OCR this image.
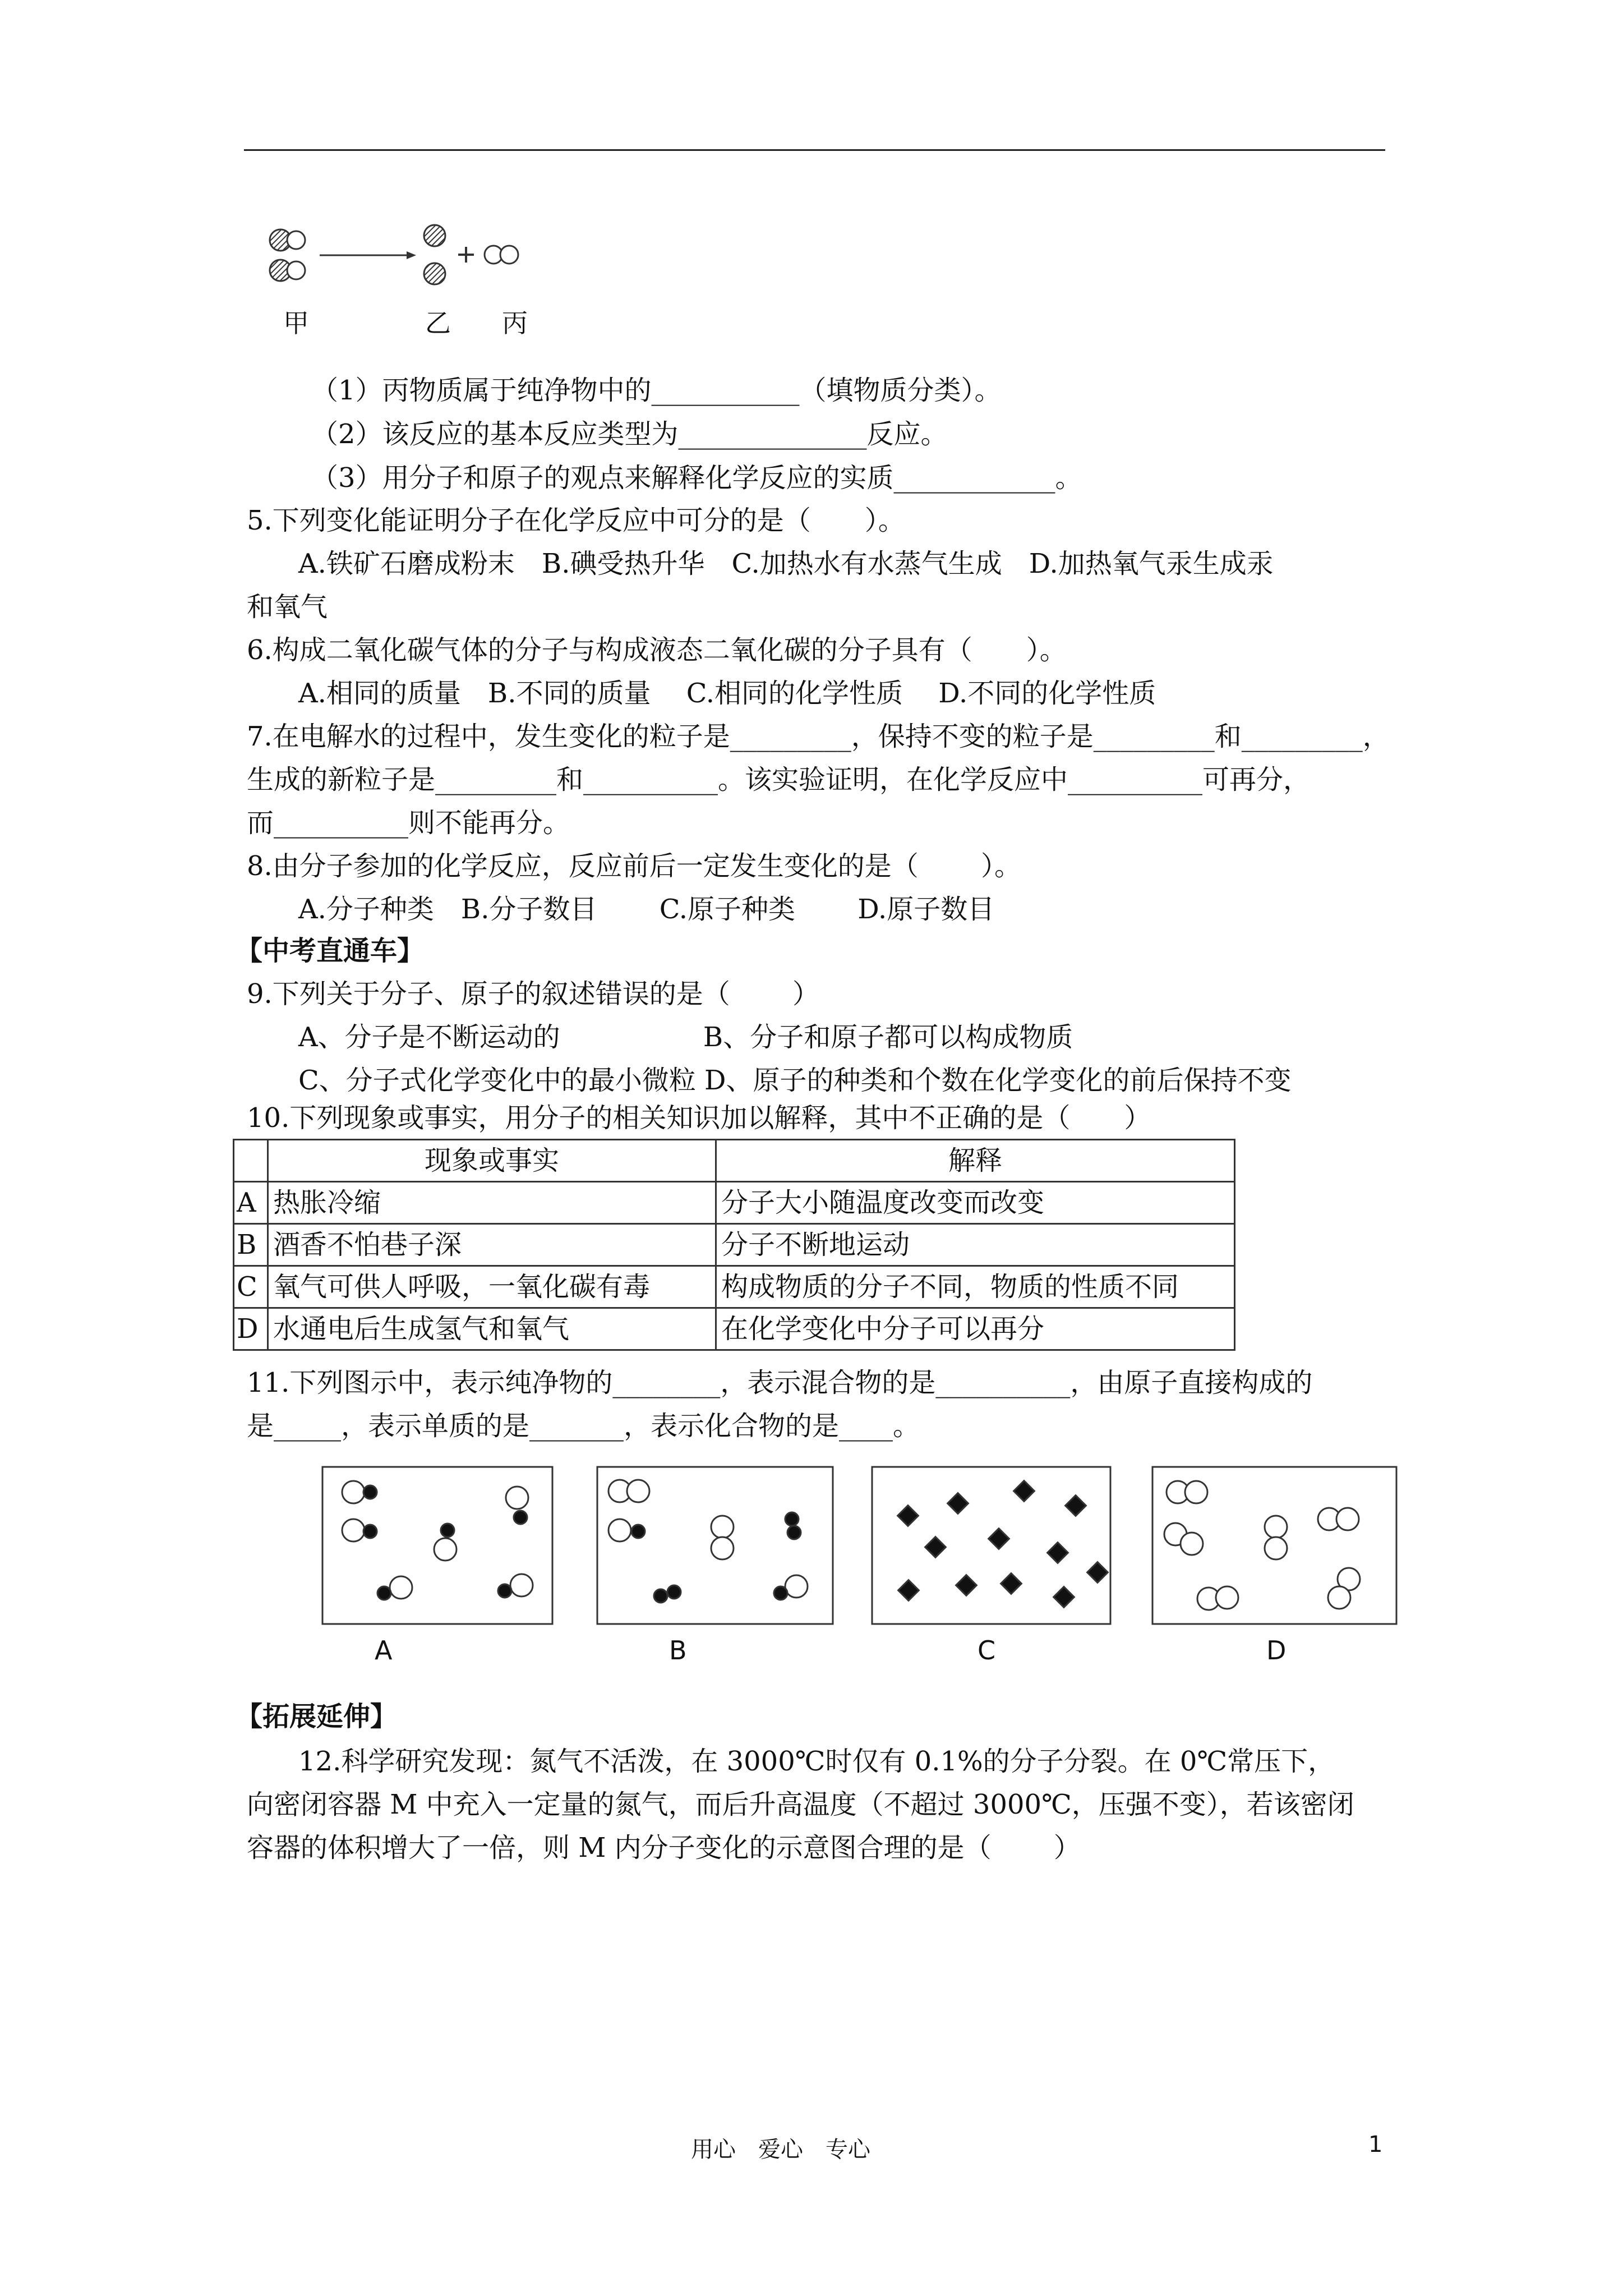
甲	乙 丙
（1）丙物质属于纯净物中的___________（填物质分类）。
（2）该反应的基本反应类型为______________反应。
（3）用分子和原子的观点来解释化学反应的实质____________。
5.下列变化能证明分子在化学反应中可分的是（　　）。
A.铁矿石磨成粉末　B.碘受热升华　C.加热水有水蒸气生成　D.加热氧气汞生成汞
和氧气
6.构成二氧化碳气体的分子与构成液态二氧化碳的分子具有（　　）。
A.相同的质量　B.不同的质量　 C.相同的化学性质　 D.不同的化学性质
7.在电解水的过程中，发生变化的粒子是_________，保持不变的粒子是_________和_________，
生成的新粒子是_________和__________。该实验证明，在化学反应中__________可再分，
而__________则不能再分。
8.由分子参加的化学反应，反应前后一定发生变化的是（　　 ）。
A.分子种类　B.分子数目　　 C.原子种类　　 D.原子数目
【中考直通车】
9.下列关于分子、原子的叙述错误的是（　　 ）
A、分子是不断运动的　　　　　 B、分子和原子都可以构成物质
C、分子式化学变化中的最小微粒 D、原子的种类和个数在化学变化的前后保持不变
10.下列现象或事实，用分子的相关知识加以解释，其中不正确的是（　　）
	现象或事实	解释
A	热胀冷缩	分子大小随温度改变而改变
B	酒香不怕巷子深	分子不断地运动
C	氧气可供人呼吸，一氧化碳有毒	构成物质的分子不同，物质的性质不同
D	水通电后生成氢气和氧气	在化学变化中分子可以再分
11.下列图示中，表示纯净物的________，表示混合物的是__________，由原子直接构成的
是_____，表示单质的是_______，表示化合物的是____。
A	B	C	D
【拓展延伸】
12.科学研究发现：氮气不活泼，在 3000℃时仅有 0.1%的分子分裂。在 0℃常压下，
向密闭容器 M 中充入一定量的氮气，而后升高温度（不超过 3000℃，压强不变），若该密闭
容器的体积增大了一倍，则 M 内分子变化的示意图合理的是（　　 ）
用心　爱心　专心	1
